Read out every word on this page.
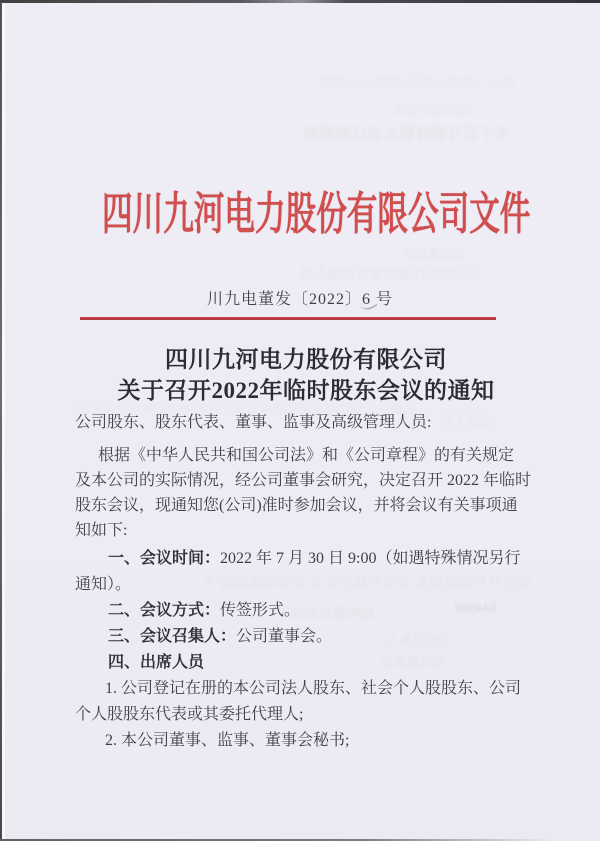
四川九河电力股份有限公司文件
临时股东会议
关于召开临时股东会议的通知
公司董事会
公司股东代表监事及管理人员
根据公司章程有关规定及本公司实际情况经董事会研究决定
出席人员
决定召开临时股东会议并将会议有关事项通知如下
644000
临时股东会议
会议召集人
公司董事会
四川九河电力股份有限公司文件
川九电董发〔2022〕6 号
四川九河电力股份有限公司
关于召开2022年临时股东会议的通知
公司股东、股东代表、董事、监事及高级管理人员:
根据《中华人民共和国公司法》和《公司章程》的有关规定
及本公司的实际情况，经公司董事会研究，决定召开 2022 年临时
股东会议，现通知您(公司)准时参加会议，并将会议有关事项通
知如下:
一、会议时间：2022 年 7 月 30 日 9:00（如遇特殊情况另行
通知）。
二、会议方式：传签形式。
三、会议召集人：公司董事会。
四、出席人员
1. 公司登记在册的本公司法人股东、社会个人股股东、公司
个人股股东代表或其委托代理人;
2. 本公司董事、监事、董事会秘书;
